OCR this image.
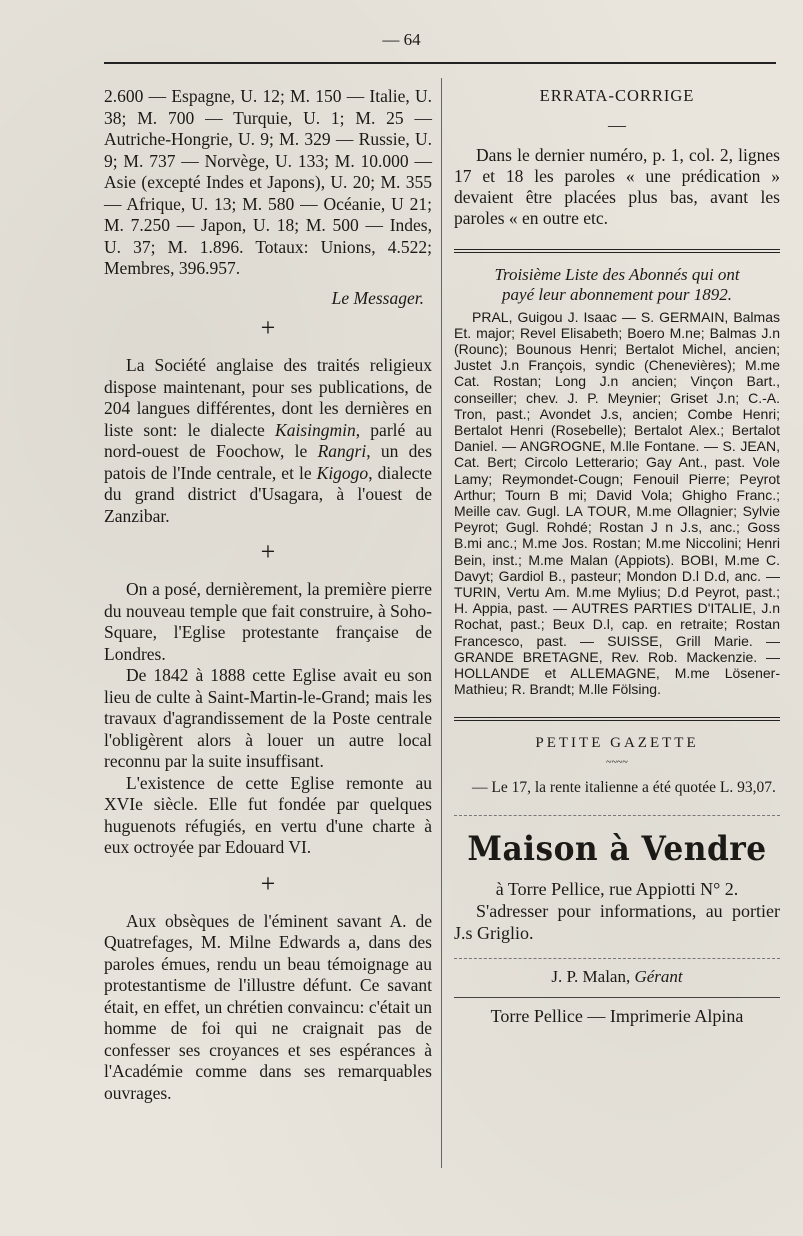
— 64

2.600 — Espagne, U. 12; M. 150 — Italie, U. 38; M. 700 — Turquie, U. 1; M. 25 — Autriche-Hongrie, U. 9; M. 329 — Russie, U. 9; M. 737 — Norvège, U. 133; M. 10.000 — Asie (excepté Indes et Japons), U. 20; M. 355 — Afrique, U. 13; M. 580 — Océanie, U 21; M. 7.250 — Japon, U. 18; M. 500 — Indes, U. 37; M. 1.896. Totaux: Unions, 4.522; Membres, 396.957.

Le Messager.

+

La Société anglaise des traités religieux dispose maintenant, pour ses publications, de 204 langues différentes, dont les dernières en liste sont: le dialecte Kaisingmin, parlé au nord-ouest de Foochow, le Rangri, un des patois de l'Inde centrale, et le Kigogo, dialecte du grand district d'Usagara, à l'ouest de Zanzibar.

+

On a posé, dernièrement, la première pierre du nouveau temple que fait construire, à Soho-Square, l'Eglise protestante française de Londres.

De 1842 à 1888 cette Eglise avait eu son lieu de culte à Saint-Martin-le-Grand; mais les travaux d'agrandissement de la Poste centrale l'obligèrent alors à louer un autre local reconnu par la suite insuffisant.

L'existence de cette Eglise remonte au XVIe siècle. Elle fut fondée par quelques huguenots réfugiés, en vertu d'une charte à eux octroyée par Edouard VI.

+

Aux obsèques de l'éminent savant A. de Quatrefages, M. Milne Edwards a, dans des paroles émues, rendu un beau témoignage au protestantisme de l'illustre défunt. Ce savant était, en effet, un chrétien convaincu: c'était un homme de foi qui ne craignait pas de confesser ses croyances et ses espérances à l'Académie comme dans ses remarquables ouvrages.

ERRATA-CORRIGE
—

Dans le dernier numéro, p. 1, col. 2, lignes 17 et 18 les paroles « une prédication » devaient être placées plus bas, avant les paroles « en outre etc.

Troisième Liste des Abonnés qui ont
payé leur abonnement pour 1892.

PRAL, Guigou J. Isaac — S. GERMAIN, Balmas Et. major; Revel Elisabeth; Boero M.ne; Balmas J.n (Rounc); Bounous Henri; Bertalot Michel, ancien; Justet J.n François, syndic (Chenevières); M.me Cat. Rostan; Long J.n ancien; Vinçon Bart., conseiller; chev. J. P. Meynier; Griset J.n; C.-A. Tron, past.; Avondet J.s, ancien; Combe Henri; Bertalot Henri (Rosebelle); Bertalot Alex.; Bertalot Daniel. — ANGROGNE, M.lle Fontane. — S. JEAN, Cat. Bert; Circolo Letterario; Gay Ant., past. Vole Lamy; Reymondet-Cougn; Fenouil Pierre; Peyrot Arthur; Tourn B mi; David Vola; Ghigho Franc.; Meille cav. Gugl. LA TOUR, M.me Ollagnier; Sylvie Peyrot; Gugl. Rohdé; Rostan J n J.s, anc.; Goss B.mi anc.; M.me Jos. Rostan; M.me Niccolini; Henri Bein, inst.; M.me Malan (Appiots). BOBI, M.me C. Davyt; Gardiol B., pasteur; Mondon D.l D.d, anc. — TURIN, Vertu Am. M.me Mylius; D.d Peyrot, past.; H. Appia, past. — AUTRES PARTIES D'ITALIE, J.n Rochat, past.; Beux D.l, cap. en retraite; Rostan Francesco, past. — SUISSE, Grill Marie. — GRANDE BRETAGNE, Rev. Rob. Mackenzie. — HOLLANDE et ALLEMAGNE, M.me Lösener-Mathieu; R. Brandt; M.lle Fölsing.

PETITE GAZETTE
~~~~

— Le 17, la rente italienne a été quotée L. 93,07.

Maison à Vendre
à Torre Pellice, rue Appiotti N° 2.

S'adresser pour informations, au portier J.s Griglio.

J. P. Malan, Gérant
Torre Pellice — Imprimerie Alpina
